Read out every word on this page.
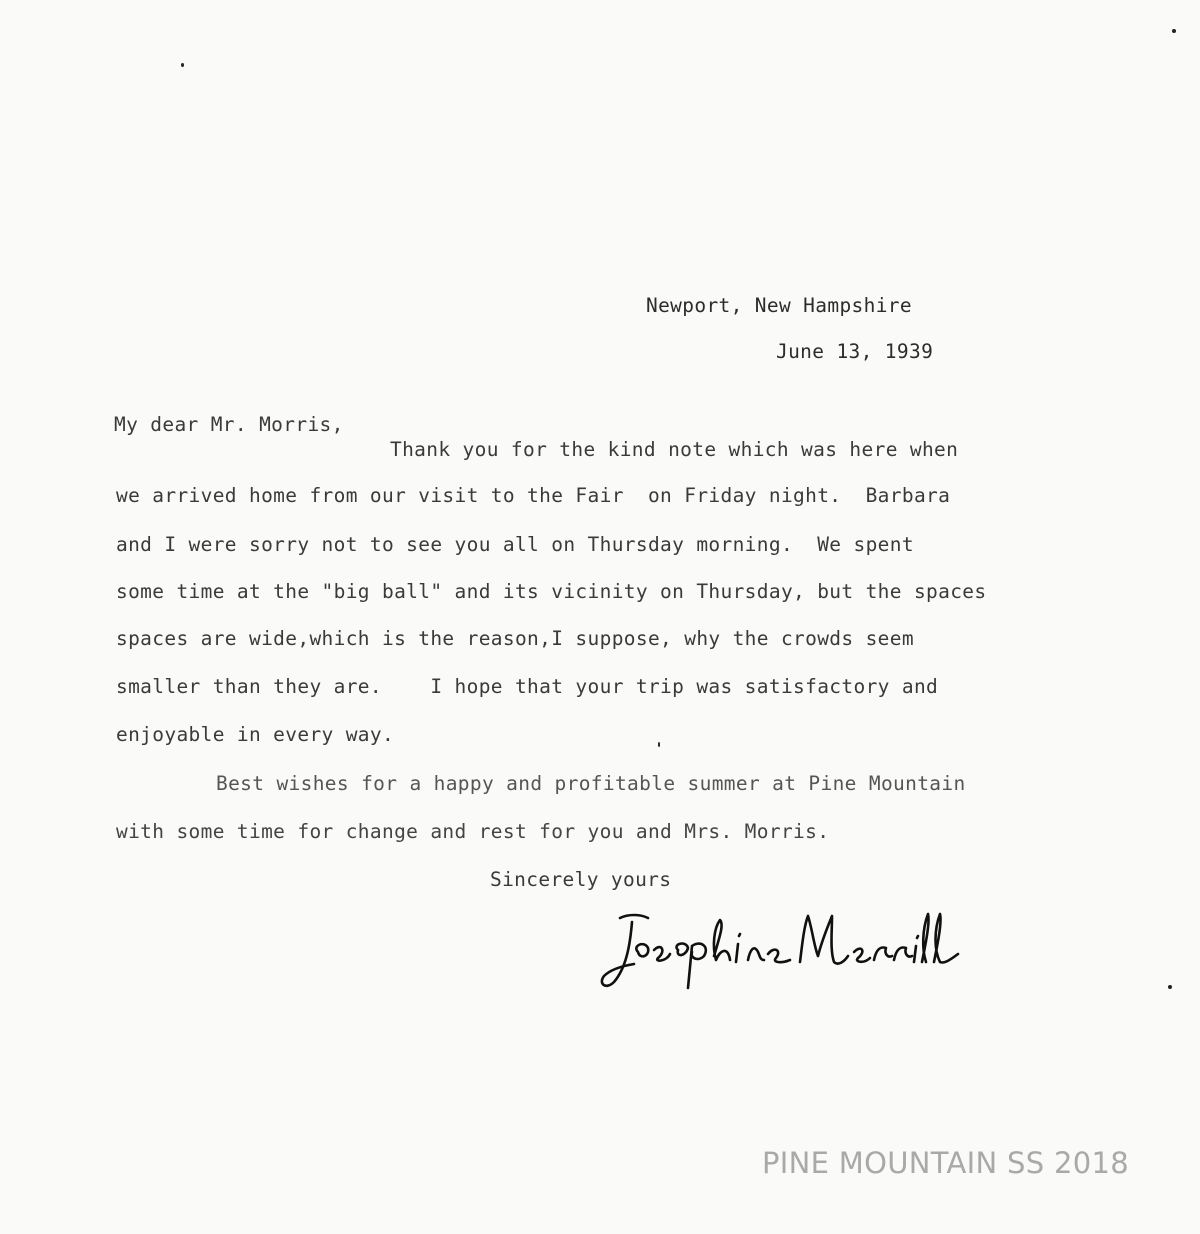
Newport, New Hampshire
June 13, 1939
My dear Mr. Morris,
Thank you for the kind note which was here when
we arrived home from our visit to the Fair  on Friday night.  Barbara
and I were sorry not to see you all on Thursday morning.  We spent
some time at the "big ball" and its vicinity on Thursday, but the spaces
spaces are wide,which is the reason,I suppose, why the crowds seem
smaller than they are.    I hope that your trip was satisfactory and
enjoyable in every way.
Best wishes for a happy and profitable summer at Pine Mountain
with some time for change and rest for you and Mrs. Morris.
Sincerely yours
PINE MOUNTAIN SS 2018
